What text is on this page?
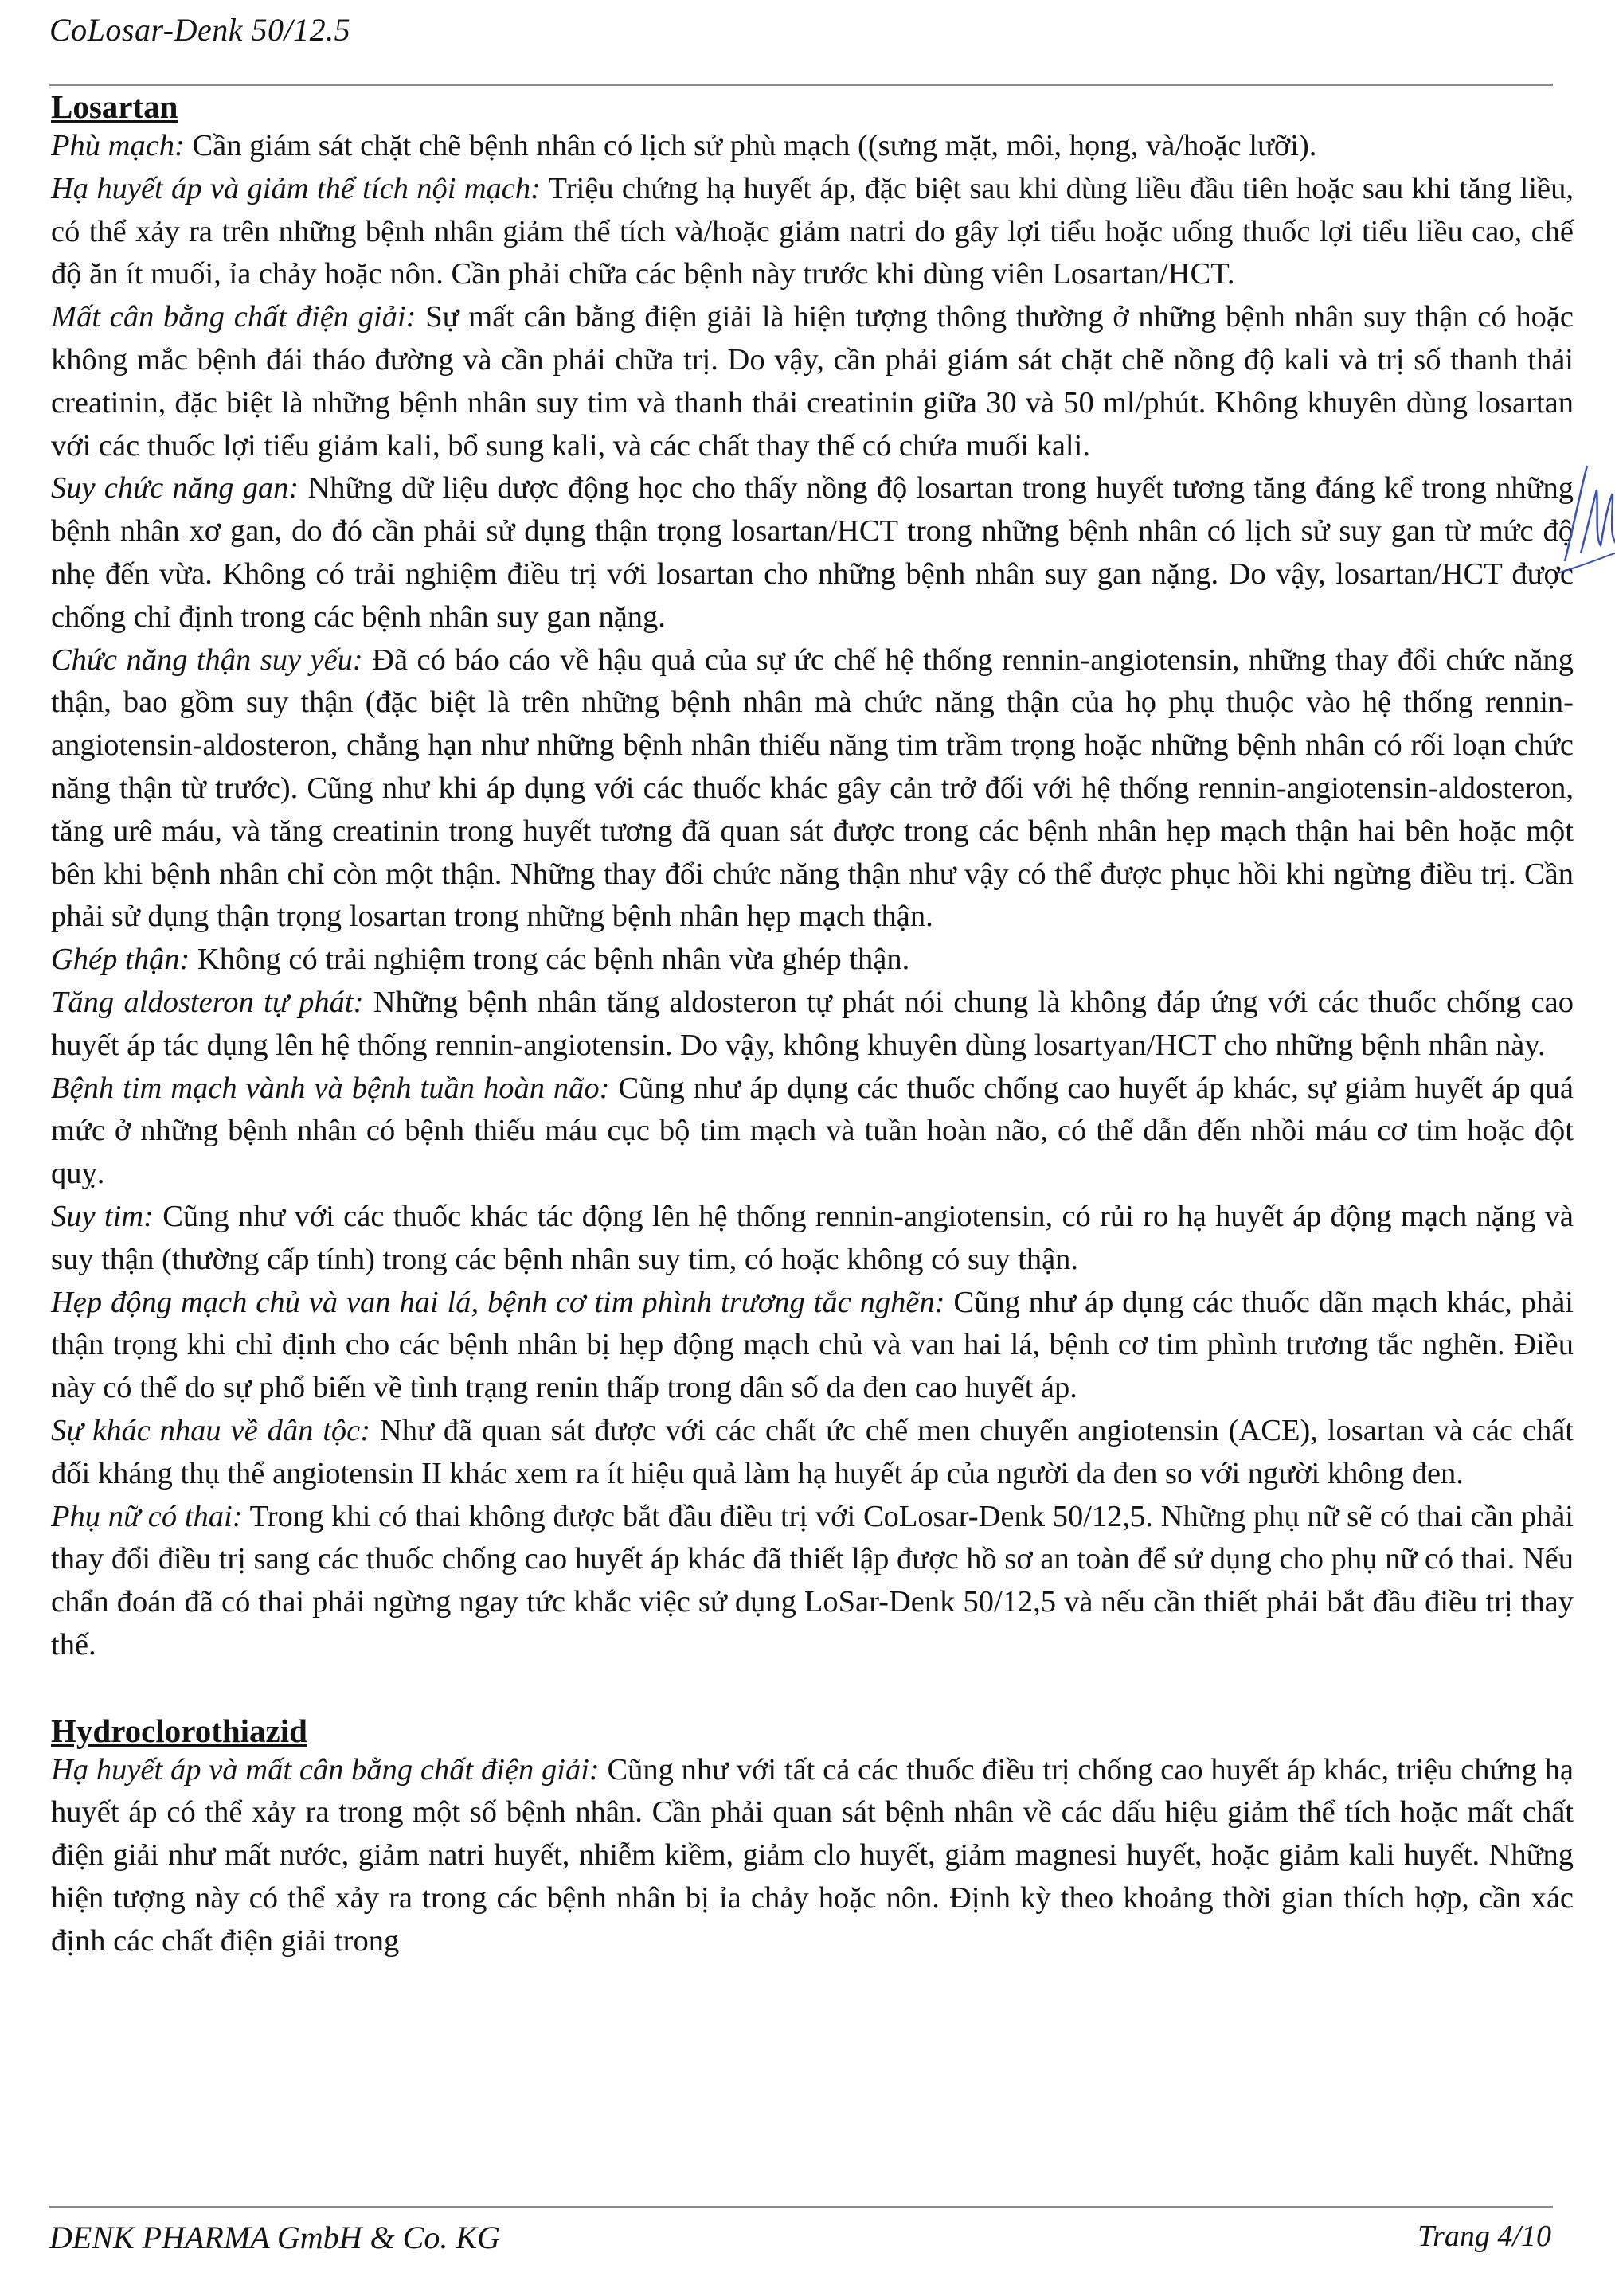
CoLosar-Denk 50/12.5

Losartan

Phù mạch: Cần giám sát chặt chẽ bệnh nhân có lịch sử phù mạch ((sưng mặt, môi, họng, và/hoặc lưỡi).

Hạ huyết áp và giảm thể tích nội mạch: Triệu chứng hạ huyết áp, đặc biệt sau khi dùng liều đầu tiên hoặc sau khi tăng liều, có thể xảy ra trên những bệnh nhân giảm thể tích và/hoặc giảm natri do gây lợi tiểu hoặc uống thuốc lợi tiểu liều cao, chế độ ăn ít muối, ỉa chảy hoặc nôn. Cần phải chữa các bệnh này trước khi dùng viên Losartan/HCT.

Mất cân bằng chất điện giải: Sự mất cân bằng điện giải là hiện tượng thông thường ở những bệnh nhân suy thận có hoặc không mắc bệnh đái tháo đường và cần phải chữa trị. Do vậy, cần phải giám sát chặt chẽ nồng độ kali và trị số thanh thải creatinin, đặc biệt là những bệnh nhân suy tim và thanh thải creatinin giữa 30 và 50 ml/phút. Không khuyên dùng losartan với các thuốc lợi tiểu giảm kali, bổ sung kali, và các chất thay thế có chứa muối kali.

Suy chức năng gan: Những dữ liệu dược động học cho thấy nồng độ losartan trong huyết tương tăng đáng kể trong những bệnh nhân xơ gan, do đó cần phải sử dụng thận trọng losartan/HCT trong những bệnh nhân có lịch sử suy gan từ mức độ nhẹ đến vừa. Không có trải nghiệm điều trị với losartan cho những bệnh nhân suy gan nặng. Do vậy, losartan/HCT được chống chỉ định trong các bệnh nhân suy gan nặng.

Chức năng thận suy yếu: Đã có báo cáo về hậu quả của sự ức chế hệ thống rennin-angiotensin, những thay đổi chức năng thận, bao gồm suy thận (đặc biệt là trên những bệnh nhân mà chức năng thận của họ phụ thuộc vào hệ thống rennin-angiotensin-aldosteron, chẳng hạn như những bệnh nhân thiếu năng tim trầm trọng hoặc những bệnh nhân có rối loạn chức năng thận từ trước). Cũng như khi áp dụng với các thuốc khác gây cản trở đối với hệ thống rennin-angiotensin-aldosteron, tăng urê máu, và tăng creatinin trong huyết tương đã quan sát được trong các bệnh nhân hẹp mạch thận hai bên hoặc một bên khi bệnh nhân chỉ còn một thận. Những thay đổi chức năng thận như vậy có thể được phục hồi khi ngừng điều trị. Cần phải sử dụng thận trọng losartan trong những bệnh nhân hẹp mạch thận.

Ghép thận: Không có trải nghiệm trong các bệnh nhân vừa ghép thận.

Tăng aldosteron tự phát: Những bệnh nhân tăng aldosteron tự phát nói chung là không đáp ứng với các thuốc chống cao huyết áp tác dụng lên hệ thống rennin-angiotensin. Do vậy, không khuyên dùng losartyan/HCT cho những bệnh nhân này.

Bệnh tim mạch vành và bệnh tuần hoàn não: Cũng như áp dụng các thuốc chống cao huyết áp khác, sự giảm huyết áp quá mức ở những bệnh nhân có bệnh thiếu máu cục bộ tim mạch và tuần hoàn não, có thể dẫn đến nhồi máu cơ tim hoặc đột quỵ.

Suy tim: Cũng như với các thuốc khác tác động lên hệ thống rennin-angiotensin, có rủi ro hạ huyết áp động mạch nặng và suy thận (thường cấp tính) trong các bệnh nhân suy tim, có hoặc không có suy thận.

Hẹp động mạch chủ và van hai lá, bệnh cơ tim phình trương tắc nghẽn: Cũng như áp dụng các thuốc dãn mạch khác, phải thận trọng khi chỉ định cho các bệnh nhân bị hẹp động mạch chủ và van hai lá, bệnh cơ tim phình trương tắc nghẽn. Điều này có thể do sự phổ biến về tình trạng renin thấp trong dân số da đen cao huyết áp.

Sự khác nhau về dân tộc: Như đã quan sát được với các chất ức chế men chuyển angiotensin (ACE), losartan và các chất đối kháng thụ thể angiotensin II khác xem ra ít hiệu quả làm hạ huyết áp của người da đen so với người không đen.

Phụ nữ có thai: Trong khi có thai không được bắt đầu điều trị với CoLosar-Denk 50/12,5. Những phụ nữ sẽ có thai cần phải thay đổi điều trị sang các thuốc chống cao huyết áp khác đã thiết lập được hồ sơ an toàn để sử dụng cho phụ nữ có thai. Nếu chẩn đoán đã có thai phải ngừng ngay tức khắc việc sử dụng LoSar-Denk 50/12,5 và nếu cần thiết phải bắt đầu điều trị thay thế.

Hydroclorothiazid

Hạ huyết áp và mất cân bằng chất điện giải: Cũng như với tất cả các thuốc điều trị chống cao huyết áp khác, triệu chứng hạ huyết áp có thể xảy ra trong một số bệnh nhân. Cần phải quan sát bệnh nhân về các dấu hiệu giảm thể tích hoặc mất chất điện giải như mất nước, giảm natri huyết, nhiễm kiềm, giảm clo huyết, giảm magnesi huyết, hoặc giảm kali huyết. Những hiện tượng này có thể xảy ra trong các bệnh nhân bị ỉa chảy hoặc nôn. Định kỳ theo khoảng thời gian thích hợp, cần xác định các chất điện giải trong

DENK PHARMA GmbH & Co. KG	Trang 4/10
